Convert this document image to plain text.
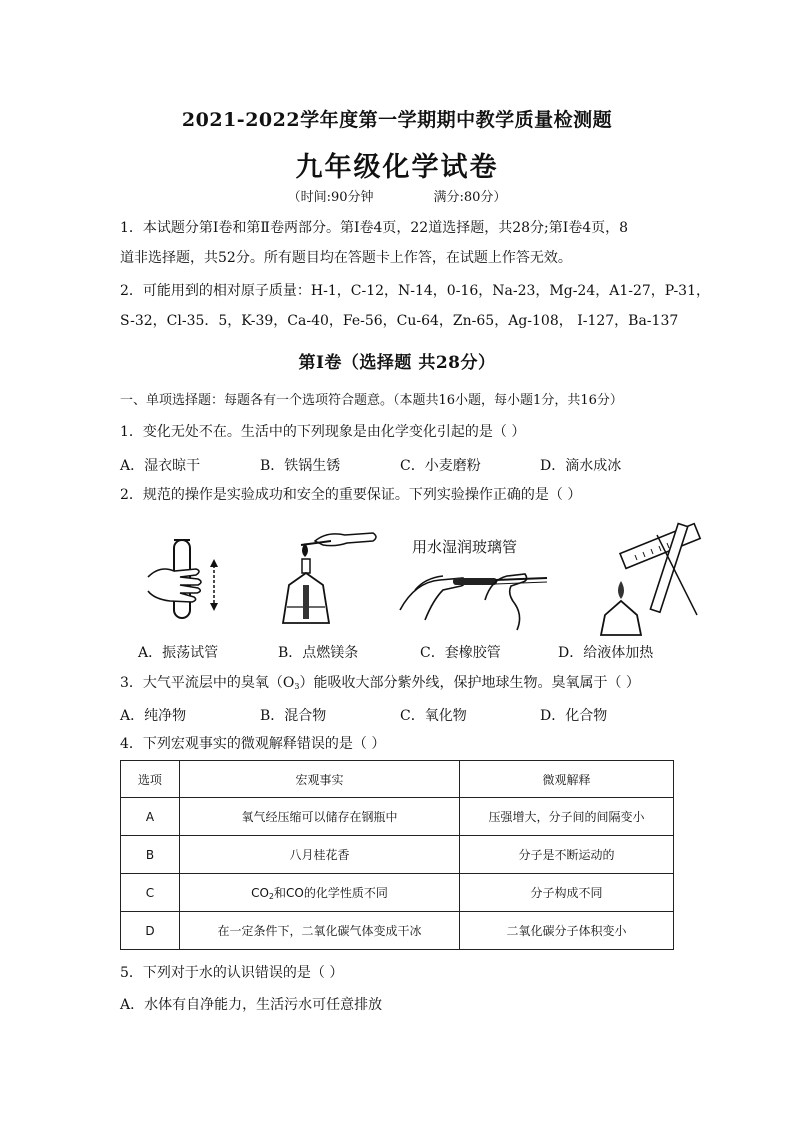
2021-2022学年度第一学期期中教学质量检测题
九年级化学试卷
（时间:90分钟	满分:80分）
1．本试题分第Ⅰ卷和第Ⅱ卷两部分。第Ⅰ卷4页，22道选择题，共28分;第Ⅰ卷4页，8
道非选择题，共52分。所有题目均在答题卡上作答，在试题上作答无效。
2．可能用到的相对原子质量：H-1，C-12，N-14，0-16，Na-23，Mg-24，A1-27，P-31，
S-32，Cl-35．5，K-39，Ca-40，Fe-56，Cu-64，Zn-65，Ag-108， I-127，Ba-137
第Ⅰ卷（选择题 共28分）
一、单项选择题：每题各有一个选项符合题意。（本题共16小题，每小题1分，共16分）
1．变化无处不在。生活中的下列现象是由化学变化引起的是（ ）
A．湿衣晾干	B．铁锅生锈	C．小麦磨粉	D．滴水成冰
2．规范的操作是实验成功和安全的重要保证。下列实验操作正确的是（ ）
用水湿润玻璃管
A．振荡试管	B．点燃镁条	C．套橡胶管	D．给液体加热
3．大气平流层中的臭氧$(O_3)$能吸收大部分紫外线，保护地球生物。臭氧属于（ ）
A．纯净物	B．混合物	C．氧化物	D．化合物
4．下列宏观事实的微观解释错误的是（ ）
选项	宏观事实	微观解释
A	氧气经压缩可以储存在钢瓶中	压强增大，分子间的间隔变小
B	八月桂花香	分子是不断运动的
C	$CO_2$和CO的化学性质不同	分子构成不同
D	在一定条件下，二氧化碳气体变成干冰	二氧化碳分子体积变小
5．下列对于水的认识错误的是（ ）
A．水体有自净能力，生活污水可任意排放
